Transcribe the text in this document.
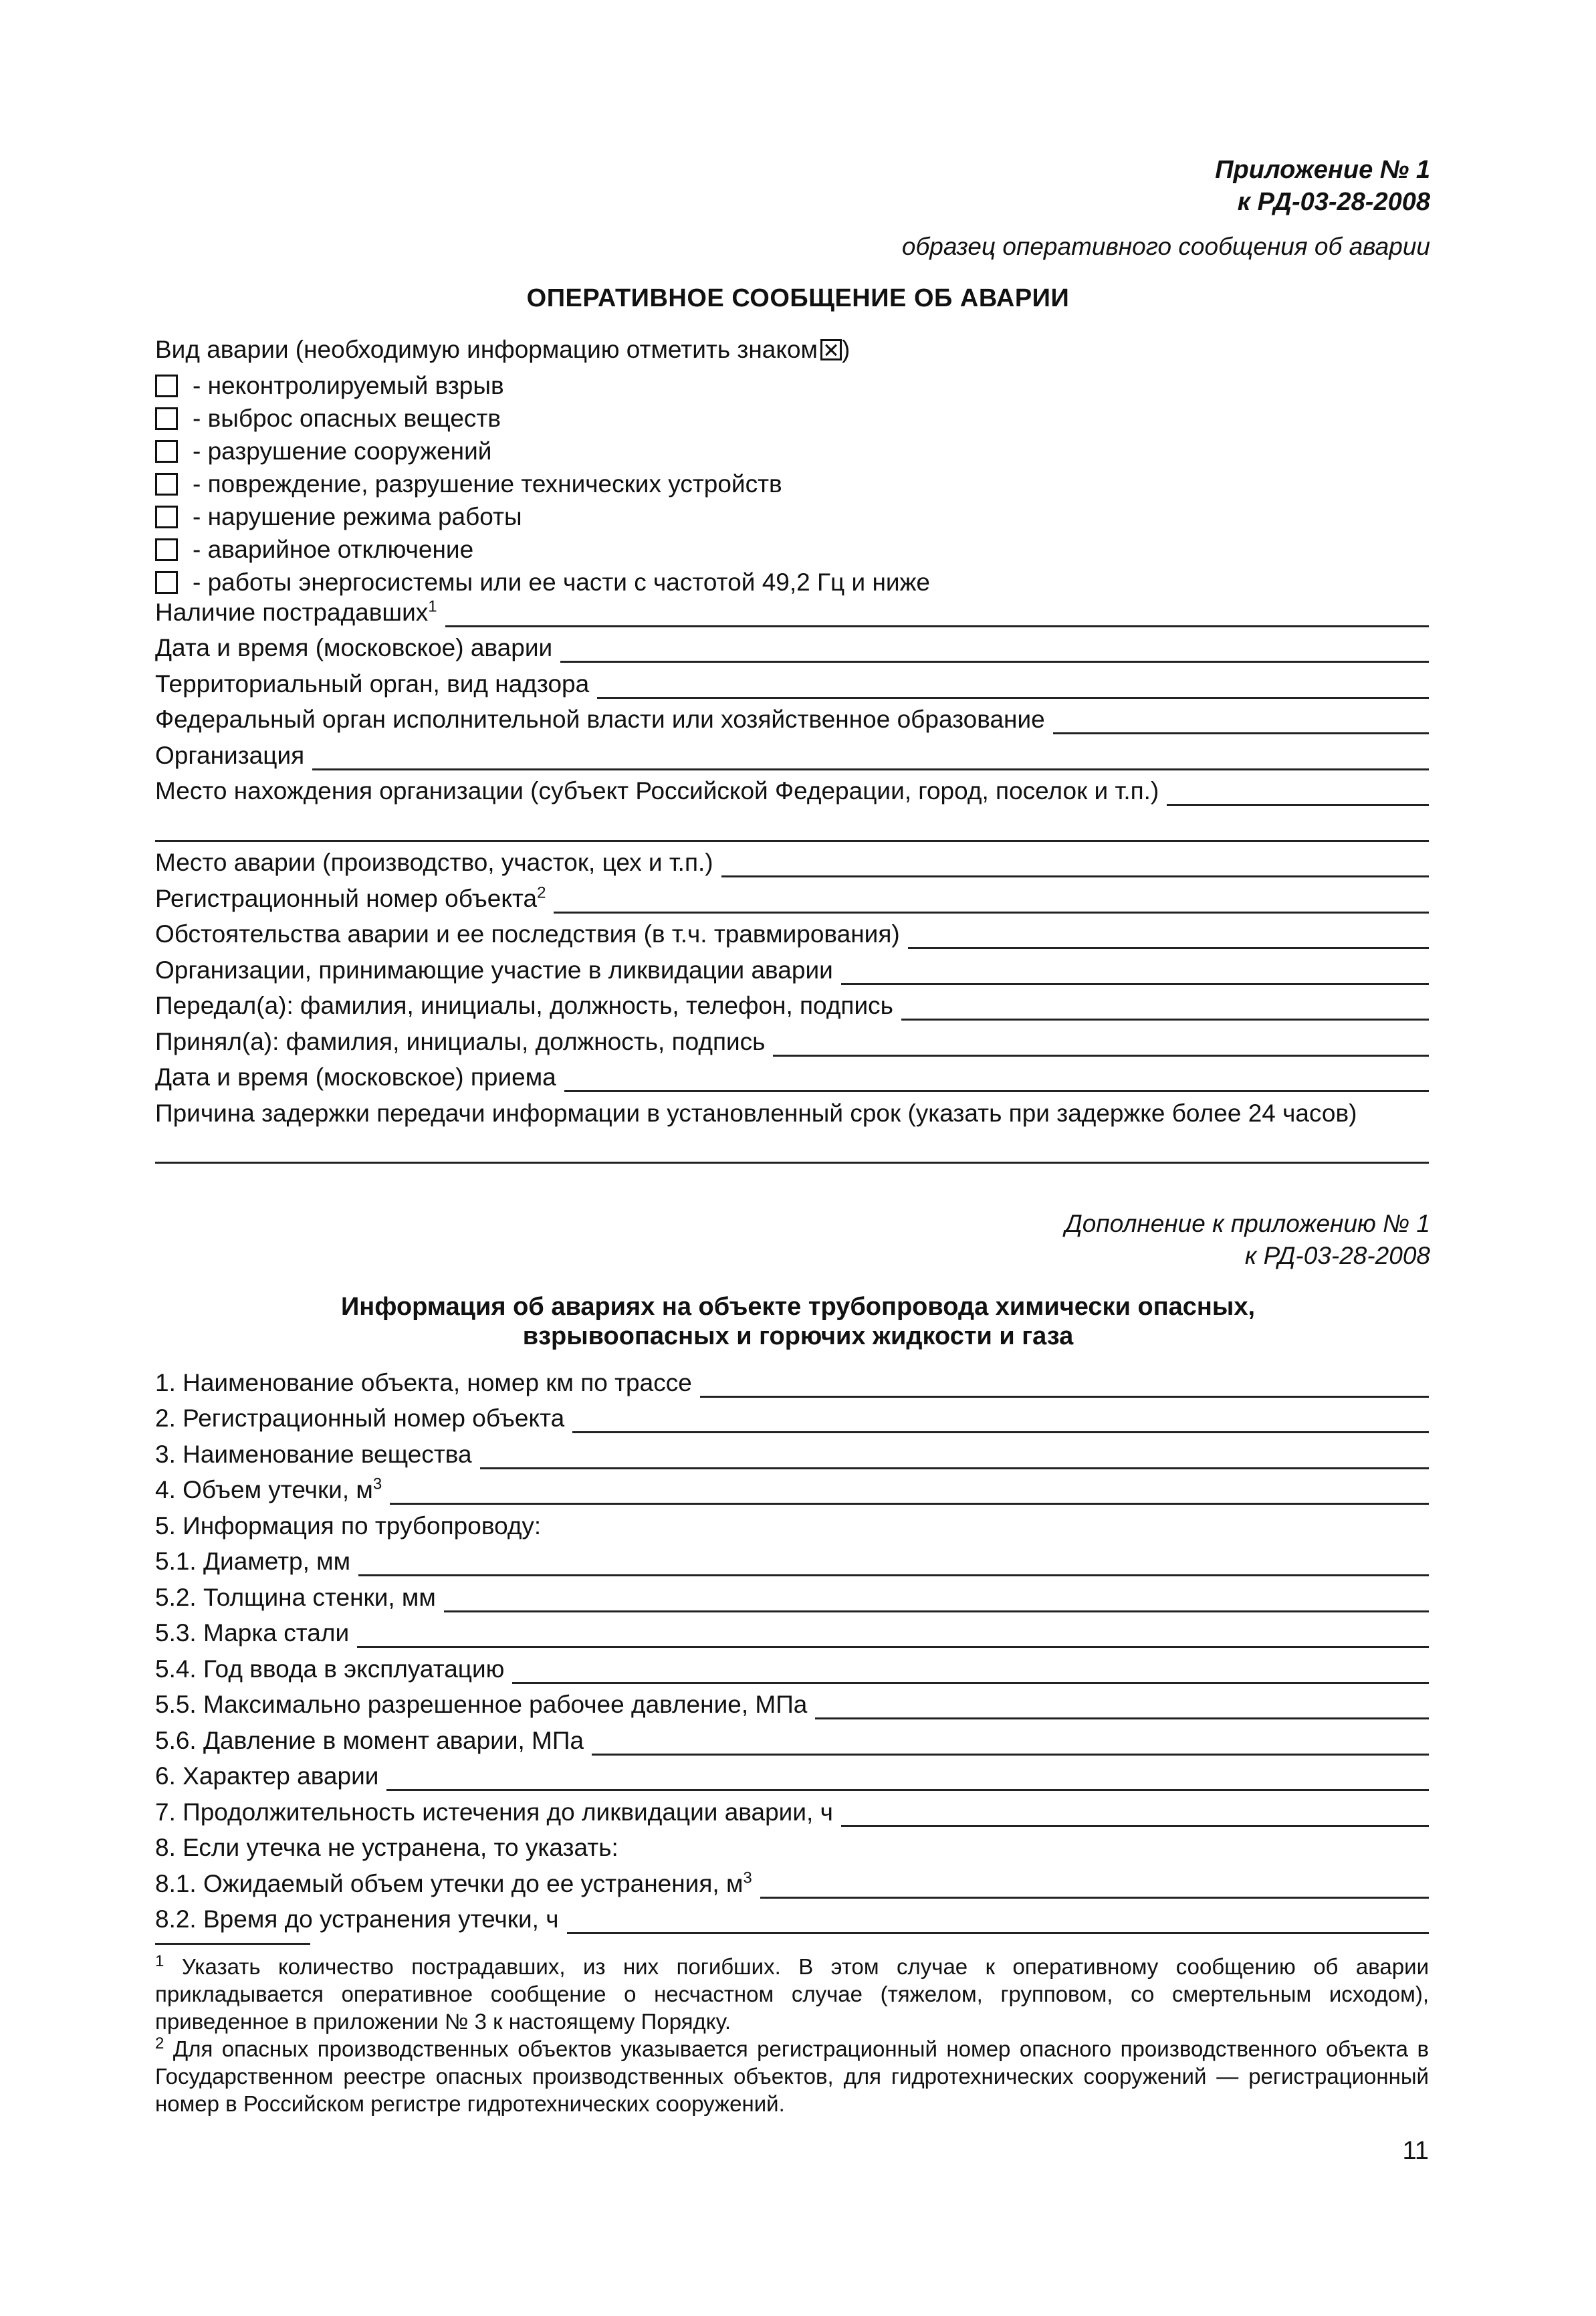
Приложение № 1
к РД-03-28-2008
образец оперативного сообщения об аварии
ОПЕРАТИВНОЕ СООБЩЕНИЕ ОБ АВАРИИ
Вид аварии (необходимую информацию отметить знаком )
- неконтролируемый взрыв
- выброс опасных веществ
- разрушение сооружений
- повреждение, разрушение технических устройств
- нарушение режима работы
- аварийное отключение
- работы энергосистемы или ее части с частотой 49,2 Гц и ниже
Наличие пострадавших$^1$
Дата и время (московское) аварии
Территориальный орган, вид надзора
Федеральный орган исполнительной власти или хозяйственное образование
Организация
Место нахождения организации (субъект Российской Федерации, город, поселок и т.п.)
Место аварии (производство, участок, цех и т.п.)
Регистрационный номер объекта$^2$
Обстоятельства аварии и ее последствия (в т.ч. травмирования)
Организации, принимающие участие в ликвидации аварии
Передал(а): фамилия, инициалы, должность, телефон, подпись
Принял(а): фамилия, инициалы, должность, подпись
Дата и время (московское) приема
Причина задержки передачи информации в установленный срок (указать при задержке более 24 часов)
Дополнение к приложению № 1
к РД-03-28-2008
Информация об авариях на объекте трубопровода химически опасных,
взрывоопасных и горючих жидкости и газа
1. Наименование объекта, номер км по трассе
2. Регистрационный номер объекта
3. Наименование вещества
4. Объем утечки, $м^3$
5. Информация по трубопроводу:
5.1. Диаметр, мм
5.2. Толщина стенки, мм
5.3. Марка стали
5.4. Год ввода в эксплуатацию
5.5. Максимально разрешенное рабочее давление, МПа
5.6. Давление в момент аварии, МПа
6. Характер аварии
7. Продолжительность истечения до ликвидации аварии, ч
8. Если утечка не устранена, то указать:
8.1. Ожидаемый объем утечки до ее устранения, $м^3$
8.2. Время до устранения утечки, ч

$^1$ Указать количество пострадавших, из них погибших. В этом случае к оперативному сообщению об аварии прикладывается оперативное сообщение о несчастном случае (тяжелом, групповом, со смертельным исходом), приведенное в приложении № 3 к настоящему Порядку.

$^2$ Для опасных производственных объектов указывается регистрационный номер опасного производственного объекта в Государственном реестре опасных производственных объектов, для гидротехнических сооружений — регистрационный номер в Российском регистре гидротехнических сооружений.

11
